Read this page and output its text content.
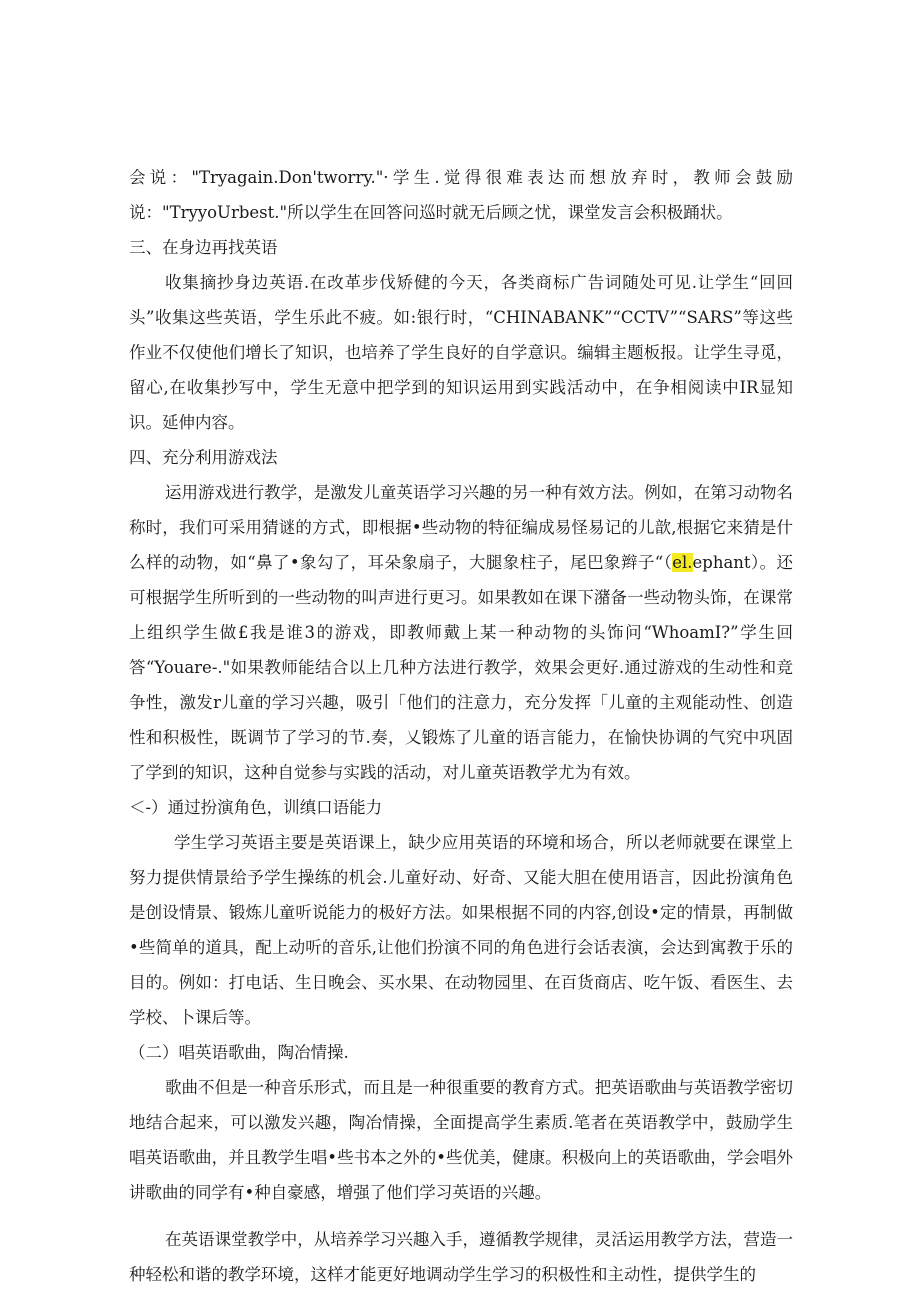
会说："Tryagain.Don'tworry."·学生.觉得很难表达而想放弃时，教师会鼓励说："TryyoUrbest."所以学生在回答问巡时就无后顾之忧，课堂发言会积极踊状。

三、在身边再找英语

收集摘抄身边英语.在改革步伐矫健的今天，各类商标广告词随处可见.让学生“回回头”收集这些英语，学生乐此不疲。如:银行时，“CHINABANK”“CCTV”“SARS”等这些作业不仅使他们增长了知识，也培养了学生良好的自学意识。编辑主题板报。让学生寻觅，留心,在收集抄写中，学生无意中把学到的知识运用到实践活动中，在争相阅读中IR显知识。延伸内容。

四、充分利用游戏法

运用游戏进行教学，是激发儿童英语学习兴趣的另一种有效方法。例如，在第习动物名称时，我们可采用猜谜的方式，即根据•些动物的特征编成易怪易记的儿歆,根据它来猜是什么样的动物，如“鼻了•象勾了，耳朵象扇子，大腿象柱子，尾巴象辫子“（el.ephant）。还可根据学生所听到的一些动物的叫声进行更习。如果教如在课下潴备一些动物头饰，在课常上组织学生做£我是谁3的游戏，即教师戴上某一种动物的头饰问“WhoamI?”学生回答“Youare-."如果教师能结合以上几种方法进行教学，效果会更好.通过游戏的生动性和竞争性，激发r儿童的学习兴趣，吸引「他们的注意力，充分发挥「儿童的主观能动性、创造性和积极性，既调节了学习的节.奏，乂锻炼了儿童的语言能力，在愉快协调的气究中巩固了学到的知识，这种自觉参与实践的活动，对儿童英语教学尤为有效。

＜-）通过扮演角色，训缜口语能力

学生学习英语主要是英语课上，缺少应用英语的环境和场合，所以老师就要在课堂上努力提供情景给予学生操练的机会.儿童好动、好奇、又能大胆在使用语言，因此扮演角色是创设情景、锻炼儿童听说能力的极好方法。如果根据不同的内容,创设•定的情景，再制做•些简单的道具，配上动听的音乐,让他们扮演不同的角色进行会话表演，会达到寓教于乐的目的。例如：打电话、生日晚会、买水果、在动物园里、在百货商店、吃午饭、看医生、去学校、卜课后等。

（二）唱英语歌曲，陶冶情操.

歌曲不但是一种音乐形式，而且是一种很重要的教育方式。把英语歌曲与英语教学密切地结合起来，可以激发兴趣，陶冶情操，全面提高学生素质.笔者在英语教学中，鼓励学生唱英语歌曲，并且教学生唱•些书本之外的•些优美，健康。积极向上的英语歌曲，学会唱外讲歌曲的同学有•种自豪感，增强了他们学习英语的兴趣。

在英语课堂教学中，从培养学习兴趣入手，遵循教学规律，灵活运用教学方法，营造一种轻松和谐的教学环境，这样才能更好地调动学生学习的积极性和主动性，提供学生的
